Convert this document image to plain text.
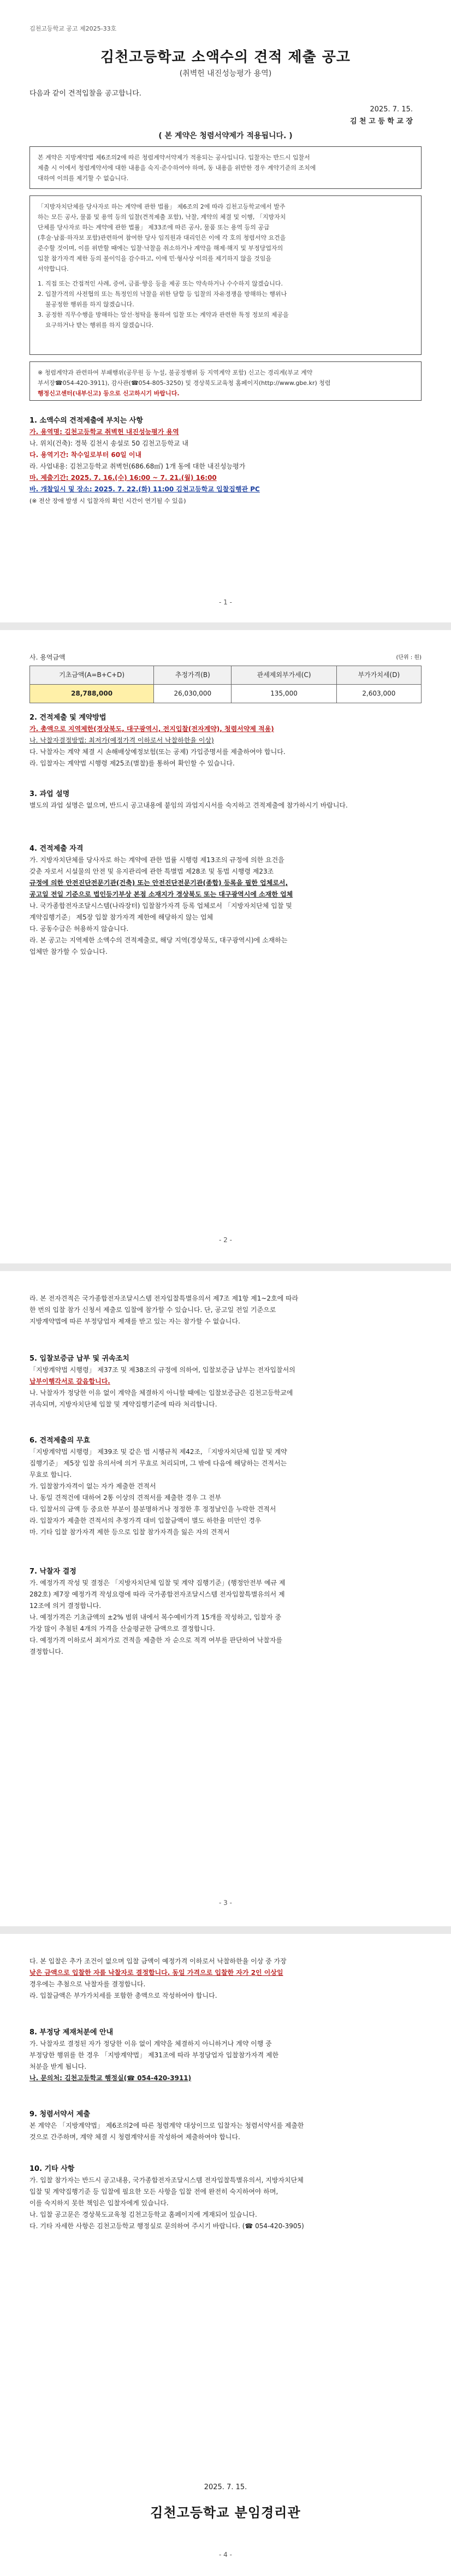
김천고등학교 공고 제2025-33호
김천고등학교 소액수의 견적 제출 공고
(취벽헌 내진성능평가 용역)
다음과 같이 견적입찰을 공고합니다.
2025. 7. 15.
김 천 고 등 학 교 장
( 본 계약은 청렴서약제가 적용됩니다. )
본 계약은 지방계약법 제6조의2에 따른 청렴계약서약제가 적용되는 공사입니다. 입찰자는 반드시 입찰서
제출 시 이에서 청렴계약서에 대한 내용을 숙지·준수하여야 하며, 동 내용을 위반한 경우 계약기준의 조치에
대하여 이의를 제기할 수 없습니다.
「지방자치단체를 당사자로 하는 계약에 관한 법률」 제6조의 2에 따라 김천고등학교에서 발주
하는 모든 공사, 물품 및 용역 등의 입찰(견적제출 포함), 낙찰, 계약의 체결 및 이행, 「지방자치
단체를 당사자로 하는 계약에 관한 법률」 제33조에 따른 공사, 물품 또는 용역 등의 공급
(후술·납품·하자보 포함)관련하여 참여한 당사 임직원과 대리인은 이에 각 호의 청렴서약 요건을
준수할 것이며, 이를 위반할 때에는 입찰·낙찰을 취소하거나 계약을 해제·해지 및 부정당업자의
입찰 참가자격 제한 등의 불이익을 감수하고, 이에 민·형사상 이의를 제기하지 않을 것임을
서약합니다.
1. 직접 또는 간접적인 사례, 증여, 금품·향응 등을 제공 또는 약속하거나 수수하지 않겠습니다.
2. 입찰가격의 사전협의 또는 특정인의 낙찰을 위한 담합 등 입찰의 자유경쟁을 방해하는 행위나
불공정한 행위를 하지 않겠습니다.
3. 공정한 직무수행을 방해하는 알선·청탁을 통하여 입찰 또는 계약과 관련한 특정 정보의 제공을
요구하거나 받는 행위를 하지 않겠습니다.
※ 청렴계약과 관련하여 부패행위(공무원 등 누설, 불공정행위 등 지역계약 포함) 신고는 경리계(부교 계약
부서장☎054-420-3911), 감사관(☎054-805-3250) 및 경상북도교육청 홈페이지(http://www.gbe.kr) 청렴
행정신고센터(내부신고) 등으로 신고하시기 바랍니다.
1. 소액수의 견적제출에 부치는 사항
가. 용역명: 김천고등학교 취벽헌 내진성능평가 용역
나. 위치(건축): 경북 김천시 송설로 50 김천고등학교 내
다. 용역기간: 착수일로부터 60일 이내
라. 사업내용: 김천고등학교 취벽헌(686.68㎡) 1개 동에 대한 내진성능평가
마. 제출기간: 2025. 7. 16.(수) 16:00 ~ 7. 21.(월) 16:00
바. 개찰일시 및 장소: 2025. 7. 22.(화) 11:00 김천고등학교 입찰집행관 PC
(※ 전산 장애 발생 시 입찰자의 확인 시간이 연기될 수 있음)
- 1 -
사. 용역금액	(단위 : 원)
기초금액(A=B+C+D)	추정가격(B)	관세제외부가세(C)	부가가치세(D)
28,788,000	26,030,000	135,000	2,603,000
2. 견적제출 및 계약방법
가. 총액으로 지역제한(경상북도, 대구광역시, 전지입찰(전자계약), 청렴서약제 적용)
나. 낙찰자결정방법: 최저가(예정가격 이하로서 낙찰하한율 이상)
다. 낙찰자는 계약 체결 시 손해배상예정보험(또는 공제) 가입증명서를 제출하여야 합니다.
라. 입찰자는 계약법 시행령 제25조(별찰)를 통하여 확인할 수 있습니다.
3. 과업 설명
별도의 과업 설명은 없으며, 반드시 공고내용에 붙임의 과업지시서를 숙지하고 견적제출에 참가하시기 바랍니다.
4. 견적제출 자격
가. 지방자치단체를 당사자로 하는 계약에 관한 법률 시행령 제13조의 규정에 의한 요건을
갖춘 자로서 시설물의 안전 및 유지관리에 관한 특별법 제28조 및 동법 시행령 제23조
규정에 의한 안전진단전문기관(건축) 또는 안전진단전문기관(종합) 등록을 필한 업체로서,
공고일 전일 기준으로 법인등기부상 본점 소재지가 경상북도 또는 대구광역시에 소재한 업체
나. 국가종합전자조달시스템(나라장터) 입찰참가자격 등록 업체로서 「지방자치단체 입찰 및
계약집행기준」 제5장 입찰 참가자격 제한에 해당하지 않는 업체
다. 공동수급은 허용하지 않습니다.
라. 본 공고는 지역제한 소액수의 견적제출로, 해당 지역(경상북도, 대구광역시)에 소재하는
업체만 참가할 수 있습니다.
- 2 -
라. 본 전자견적은 국가종합전자조달시스템 전자입찰특별유의서 제7조 제1항 제1~2호에 따라
한 번의 입찰 참가 신청서 제출로 입찰에 참가할 수 있습니다. 단, 공고일 전일 기준으로
지방계약법에 따른 부정당업자 제재를 받고 있는 자는 참가할 수 없습니다.
5. 입찰보증금 납부 및 귀속조치
「지방계약법 시행령」 제37조 및 제38조의 규정에 의하여, 입찰보증금 납부는 전자입찰서의
납부이행각서로 갈음합니다.
나. 낙찰자가 정당한 이유 없이 계약을 체결하지 아니할 때에는 입찰보증금은 김천고등학교에
귀속되며, 지방자치단체 입찰 및 계약집행기준에 따라 처리합니다.
6. 견적제출의 무효
「지방계약법 시행령」 제39조 및 같은 법 시행규칙 제42조, 「지방자치단체 입찰 및 계약
집행기준」 제5장 입찰 유의서에 의거 무효로 처리되며, 그 밖에 다음에 해당하는 견적서는
무효로 합니다.
가. 입찰참가자격이 없는 자가 제출한 견적서
나. 동일 견적건에 대하여 2통 이상의 견적서를 제출한 경우 그 전부
다. 입찰서의 금액 등 중요한 부분이 불분명하거나 정정한 후 정정날인을 누락한 견적서
라. 입찰자가 제출한 견적서의 추정가격 대비 입찰금액이 별도 하한율 미만인 경우
마. 기타 입찰 참가자격 제한 등으로 입찰 참가자격을 잃은 자의 견적서
7. 낙찰자 결정
가. 예정가격 작성 및 결정은 「지방자치단체 입찰 및 계약 집행기준」(행정안전부 예규 제
282호) 제7장 예정가격 작성요령에 따라 국가종합전자조달시스템 전자입찰특별유의서 제
12조에 의거 결정합니다.
나. 예정가격은 기초금액의 ±2% 범위 내에서 복수예비가격 15개를 작성하고, 입찰자 중
가장 많이 추첨된 4개의 가격을 산술평균한 금액으로 결정합니다.
다. 예정가격 이하로서 최저가로 견적을 제출한 자 순으로 적격 여부를 판단하여 낙찰자를
결정합니다.
- 3 -
다. 본 입찰은 추가 조건이 없으며 입찰 금액이 예정가격 이하로서 낙찰하한율 이상 중 가장
낮은 금액으로 입찰한 자를 낙찰자로 결정합니다. 동일 가격으로 입찰한 자가 2인 이상일
경우에는 추첨으로 낙찰자를 결정합니다.
라. 입찰금액은 부가가치세를 포함한 총액으로 작성하여야 합니다.
8. 부정당 제재처분에 안내
가. 낙찰자로 결정된 자가 정당한 이유 없이 계약을 체결하지 아니하거나 계약 이행 중
부정당한 행위를 한 경우 「지방계약법」 제31조에 따라 부정당업자 입찰참가자격 제한
처분을 받게 됩니다.
나. 문의처: 김천고등학교 행정실(☎ 054-420-3911)
9. 청렴서약서 제출
본 계약은 「지방계약법」 제6조의2에 따른 청렴계약 대상이므로 입찰자는 청렴서약서를 제출한
것으로 간주하며, 계약 체결 시 청렴계약서를 작성하여 제출하여야 합니다.
10. 기타 사항
가. 입찰 참가자는 반드시 공고내용, 국가종합전자조달시스템 전자입찰특별유의서, 지방자치단체
입찰 및 계약집행기준 등 입찰에 필요한 모든 사항을 입찰 전에 완전히 숙지하여야 하며,
이를 숙지하지 못한 책임은 입찰자에게 있습니다.
나. 입찰 공고문은 경상북도교육청 김천고등학교 홈페이지에 게재되어 있습니다.
다. 기타 자세한 사항은 김천고등학교 행정실로 문의하여 주시기 바랍니다. (☎ 054-420-3905)
2025. 7. 15.
김천고등학교 분임경리관
- 4 -
